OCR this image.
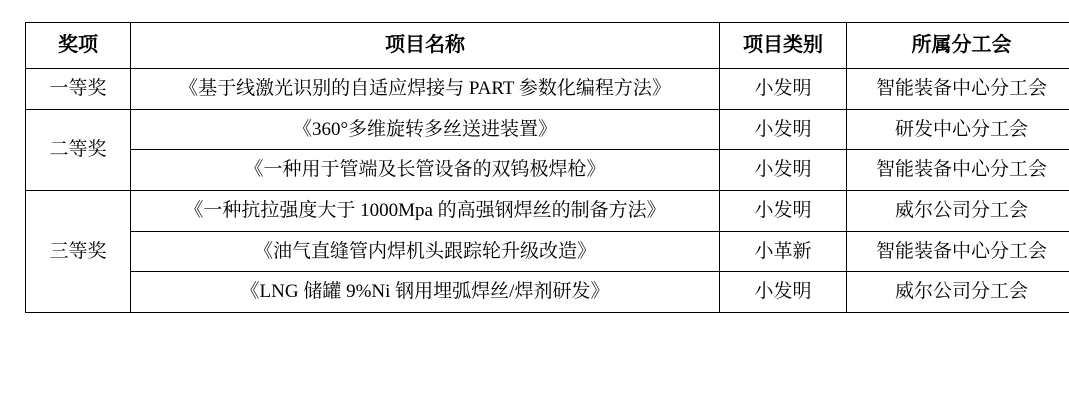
奖项	项目名称	项目类别	所属分工会
一等奖	《基于线激光识别的自适应焊接与 PART 参数化编程方法》	小发明	智能装备中心分工会
二等奖	《360°多维旋转多丝送进装置》	小发明	研发中心分工会
	《一种用于管端及长管设备的双钨极焊枪》	小发明	智能装备中心分工会
三等奖	《一种抗拉强度大于 1000Mpa 的高强钢焊丝的制备方法》	小发明	威尔公司分工会
	《油气直缝管内焊机头跟踪轮升级改造》	小革新	智能装备中心分工会
	《LNG 储罐 9%Ni 钢用埋弧焊丝/焊剂研发》	小发明	威尔公司分工会
